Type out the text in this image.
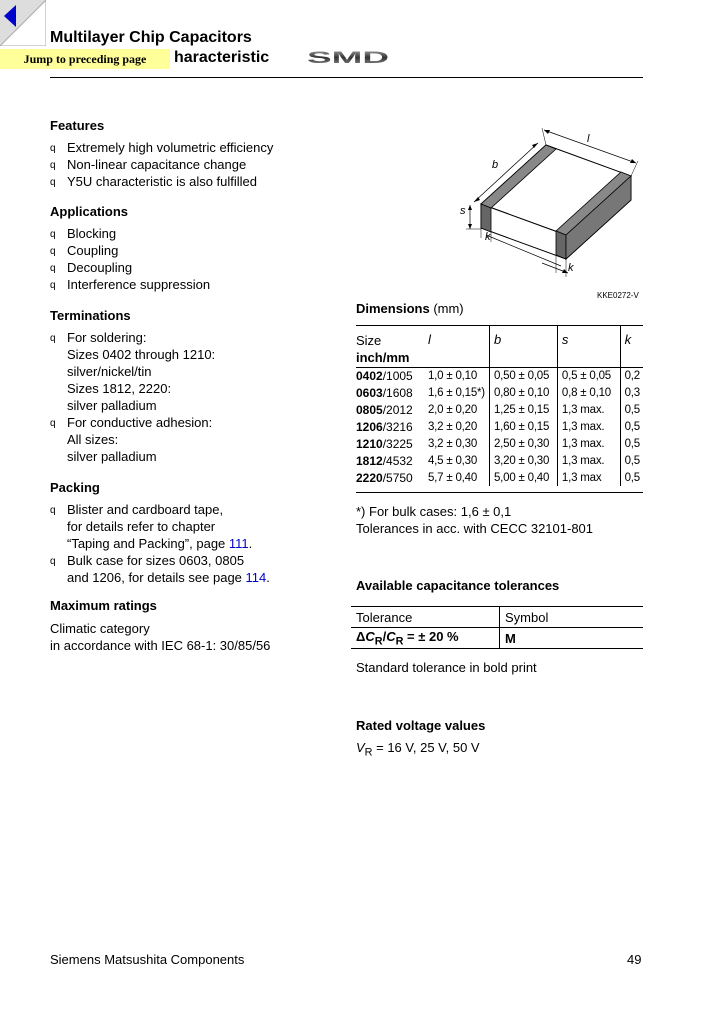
Multilayer Chip Capacitors
haracteristic
Jump to preceding page	SMD
Features
q Extremely high volumetric efficiency
q Non-linear capacitance change
q Y5U characteristic is also fulfilled
Applications
q Blocking
q Coupling
q Decoupling
q Interference suppression
Terminations
q For soldering:
Sizes 0402 through 1210:
silver/nickel/tin
Sizes 1812, 2220:
silver palladium
q For conductive adhesion:
All sizes:
silver palladium
Packing
q Blister and cardboard tape,
for details refer to chapter
“Taping and Packing”, page 111.
q Bulk case for sizes 0603, 0805
and 1206, for details see page 114.
Maximum ratings
Climatic category
in accordance with IEC 68-1: 30/85/56
l
b
s
k
k
KKE0272-V
Dimensions (mm)
Size
inch/mm	l	b	s	k
0402/1005	1,0 ± 0,10	0,50 ± 0,05	0,5 ± 0,05	0,2
0603/1608	1,6 ± 0,15*)	0,80 ± 0,10	0,8 ± 0,10	0,3
0805/2012	2,0 ± 0,20	1,25 ± 0,15	1,3 max.	0,5
1206/3216	3,2 ± 0,20	1,60 ± 0,15	1,3 max.	0,5
1210/3225	3,2 ± 0,30	2,50 ± 0,30	1,3 max.	0,5
1812/4532	4,5 ± 0,30	3,20 ± 0,30	1,3 max.	0,5
2220/5750	5,7 ± 0,40	5,00 ± 0,40	1,3 max	0,5
*) For bulk cases: 1,6 ± 0,1
Tolerances in acc. with CECC 32101-801
Available capacitance tolerances
Tolerance	Symbol
$\Delta C_R/C_R$ = ± 20 %	M
Standard tolerance in bold print
Rated voltage values
$V_R = 16$ V, 25 V, 50 V
Siemens Matsushita Components	49
